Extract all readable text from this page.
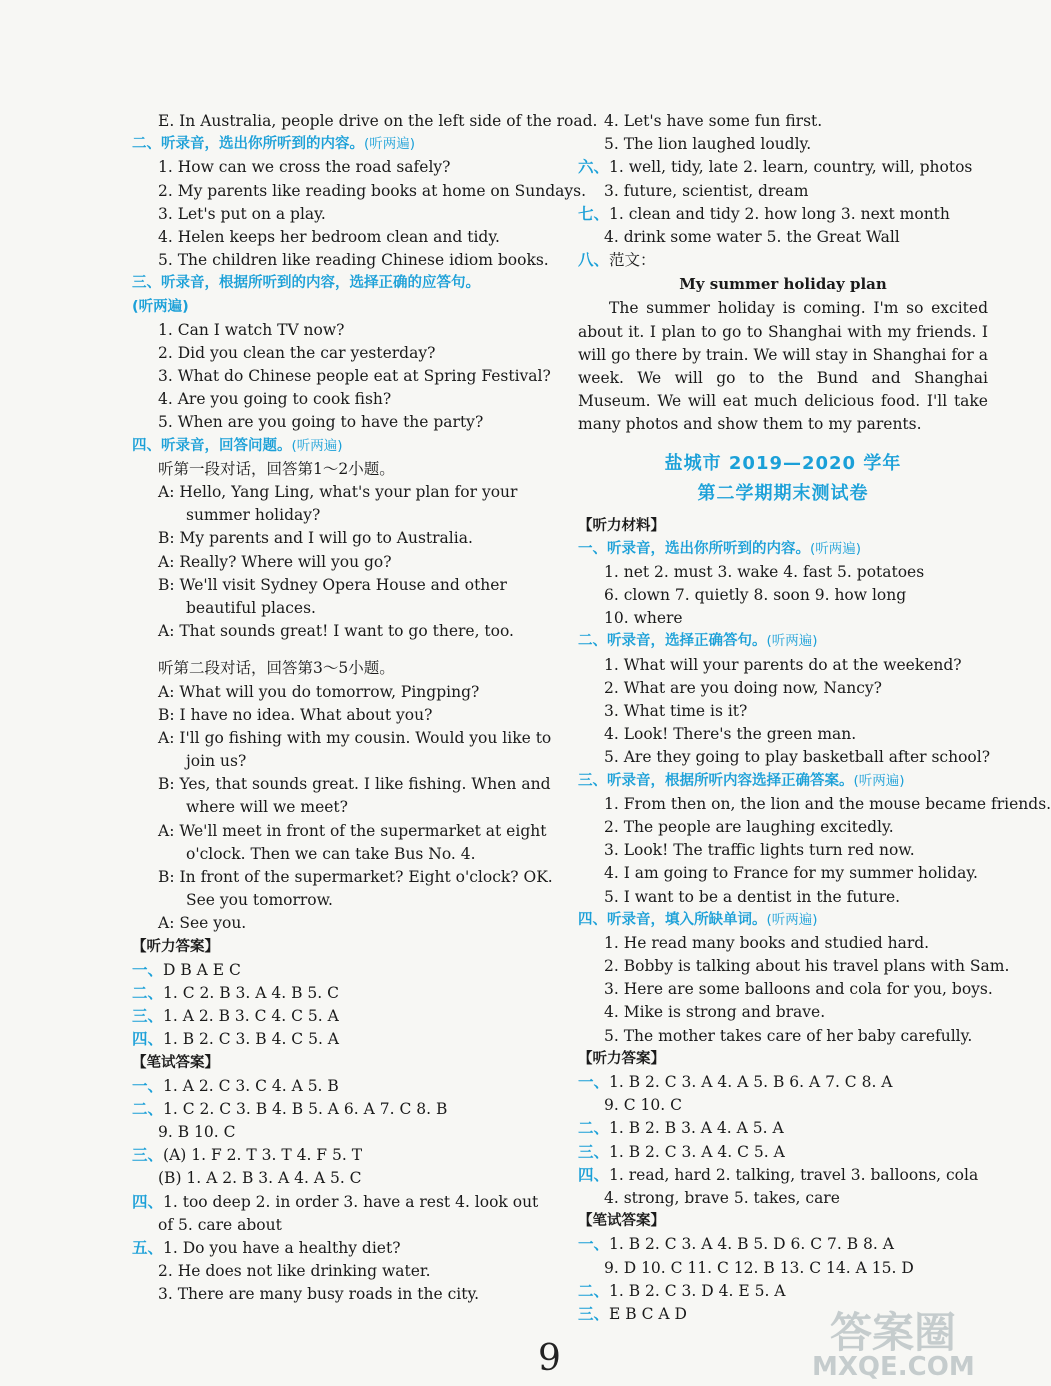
E. In Australia, people drive on the left side of the road.
二、听录音，选出你所听到的内容。(听两遍)
1. How can we cross the road safely?
2. My parents like reading books at home on Sundays.
3. Let's put on a play.
4. Helen keeps her bedroom clean and tidy.
5. The children like reading Chinese idiom books.
三、听录音，根据所听到的内容，选择正确的应答句。
(听两遍)
1. Can I watch TV now?
2. Did you clean the car yesterday?
3. What do Chinese people eat at Spring Festival?
4. Are you going to cook fish?
5. When are you going to have the party?
四、听录音，回答问题。(听两遍)
听第一段对话，回答第1～2小题。
A: Hello, Yang Ling, what's your plan for your
summer holiday?
B: My parents and I will go to Australia.
A: Really? Where will you go?
B: We'll visit Sydney Opera House and other
beautiful places.
A: That sounds great! I want to go there, too.
听第二段对话，回答第3～5小题。
A: What will you do tomorrow, Pingping?
B: I have no idea. What about you?
A: I'll go fishing with my cousin. Would you like to
join us?
B: Yes, that sounds great. I like fishing. When and
where will we meet?
A: We'll meet in front of the supermarket at eight
o'clock. Then we can take Bus No. 4.
B: In front of the supermarket? Eight o'clock? OK.
See you tomorrow.
A: See you.
【听力答案】
一、D B A E C
二、1. C 2. B 3. A 4. B 5. C
三、1. A 2. B 3. C 4. C 5. A
四、1. B 2. C 3. B 4. C 5. A
【笔试答案】
一、1. A 2. C 3. C 4. A 5. B
二、1. C 2. C 3. B 4. B 5. A 6. A 7. C 8. B
9. B 10. C
三、(A) 1. F 2. T 3. T 4. F 5. T
(B) 1. A 2. B 3. A 4. A 5. C
四、1. too deep 2. in order 3. have a rest 4. look out
of 5. care about
五、1. Do you have a healthy diet?
2. He does not like drinking water.
3. There are many busy roads in the city.
4. Let's have some fun first.
5. The lion laughed loudly.
六、1. well, tidy, late 2. learn, country, will, photos
3. future, scientist, dream
七、1. clean and tidy 2. how long 3. next month
4. drink some water 5. the Great Wall
八、范文：
My summer holiday plan

The summer holiday is coming. I'm so excited about it. I plan to go to Shanghai with my friends. I will go there by train. We will stay in Shanghai for a week. We will go to the Bund and Shanghai Museum. We will eat much delicious food. I'll take many photos and show them to my parents.

盐城市 2019—2020 学年
第二学期期末测试卷
【听力材料】
一、听录音，选出你所听到的内容。(听两遍)
1. net 2. must 3. wake 4. fast 5. potatoes
6. clown 7. quietly 8. soon 9. how long
10. where
二、听录音，选择正确答句。(听两遍)
1. What will your parents do at the weekend?
2. What are you doing now, Nancy?
3. What time is it?
4. Look! There's the green man.
5. Are they going to play basketball after school?
三、听录音，根据所听内容选择正确答案。(听两遍)
1. From then on, the lion and the mouse became friends.
2. The people are laughing excitedly.
3. Look! The traffic lights turn red now.
4. I am going to France for my summer holiday.
5. I want to be a dentist in the future.
四、听录音，填入所缺单词。(听两遍)
1. He read many books and studied hard.
2. Bobby is talking about his travel plans with Sam.
3. Here are some balloons and cola for you, boys.
4. Mike is strong and brave.
5. The mother takes care of her baby carefully.
【听力答案】
一、1. B 2. C 3. A 4. A 5. B 6. A 7. C 8. A
9. C 10. C
二、1. B 2. B 3. A 4. A 5. A
三、1. B 2. C 3. A 4. C 5. A
四、1. read, hard 2. talking, travel 3. balloons, cola
4. strong, brave 5. takes, care
【笔试答案】
一、1. B 2. C 3. A 4. B 5. D 6. C 7. B 8. A
9. D 10. C 11. C 12. B 13. C 14. A 15. D
二、1. B 2. C 3. D 4. E 5. A
三、E B C A D
9
答案圈
MXQE.COM
